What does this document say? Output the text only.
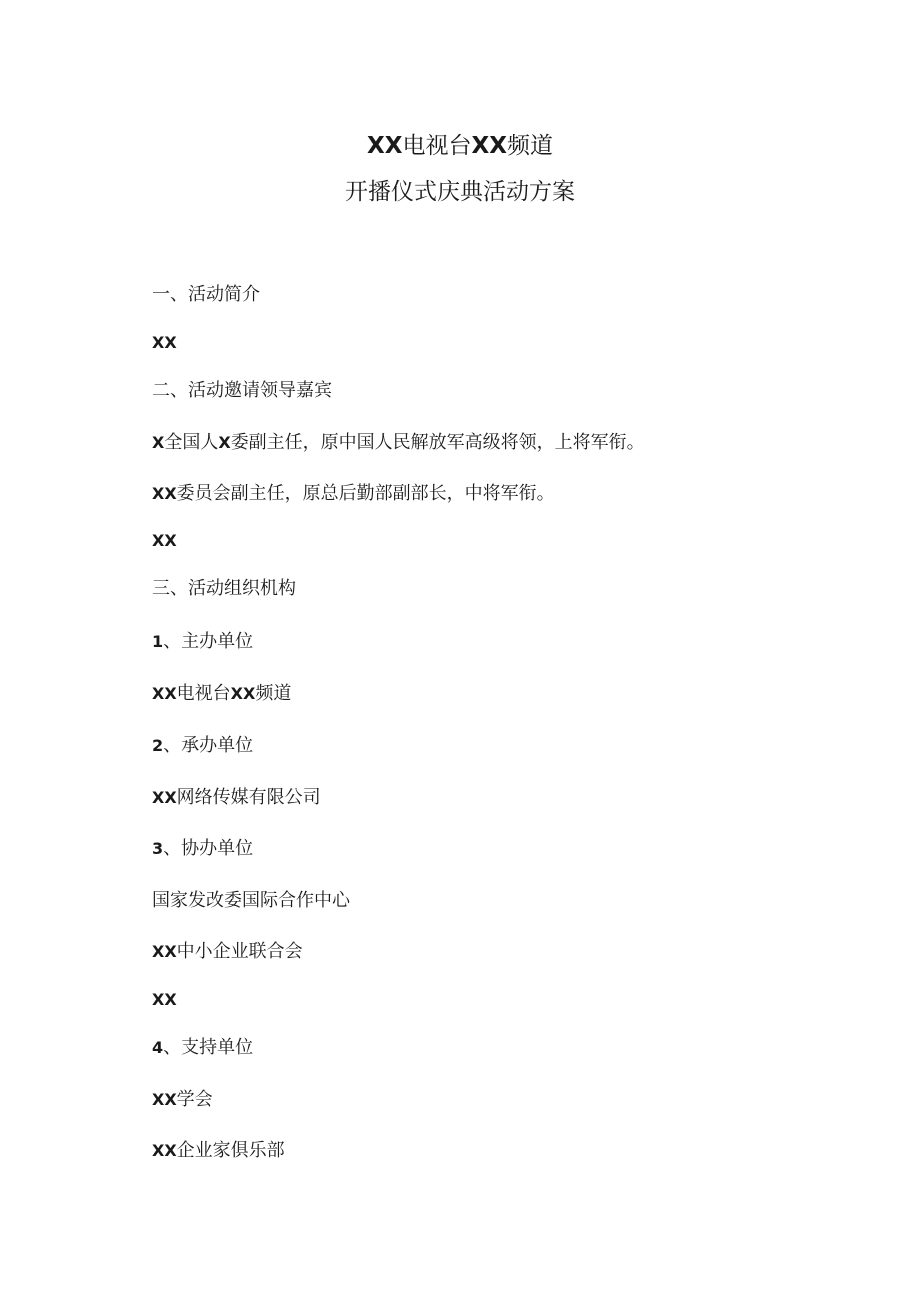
XX电视台XX频道
开播仪式庆典活动方案
一、活动简介
XX
二、活动邀请领导嘉宾
X全国人X委副主任，原中国人民解放军高级将领，上将军衔。
XX委员会副主任，原总后勤部副部长，中将军衔。
XX
三、活动组织机构
1、主办单位
XX电视台XX频道
2、承办单位
XX网络传媒有限公司
3、协办单位
国家发改委国际合作中心
XX中小企业联合会
XX
4、支持单位
XX学会
XX企业家俱乐部
